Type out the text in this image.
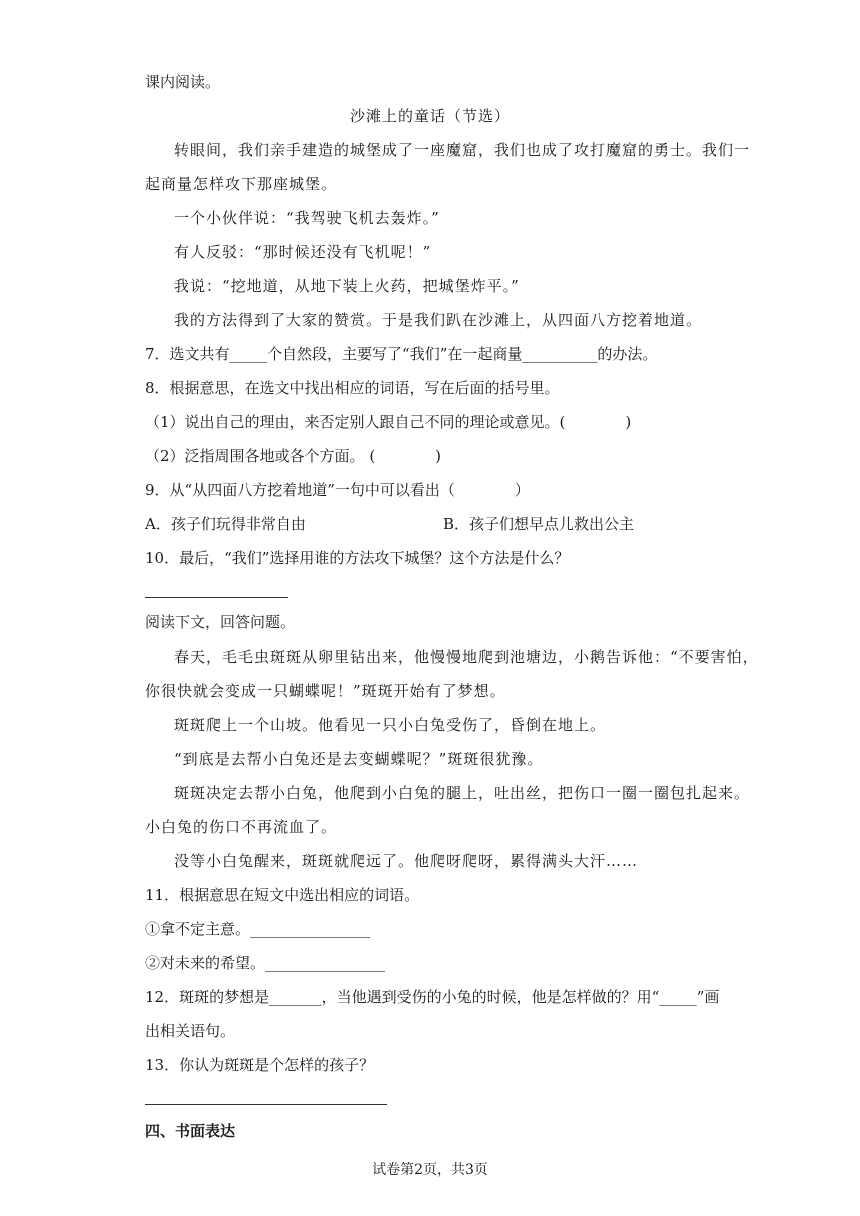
课内阅读。
沙滩上的童话（节选）
转眼间，我们亲手建造的城堡成了一座魔窟，我们也成了攻打魔窟的勇士。我们一
起商量怎样攻下那座城堡。
一个小伙伴说：“我驾驶飞机去轰炸。”
有人反驳：“那时候还没有飞机呢！”
我说：“挖地道，从地下装上火药，把城堡炸平。”
我的方法得到了大家的赞赏。于是我们趴在沙滩上，从四面八方挖着地道。
7．选文共有_____个自然段，主要写了“我们”在一起商量__________的办法。
8．根据意思，在选文中找出相应的词语，写在后面的括号里。
（1）说出自己的理由，来否定别人跟自己不同的理论或意见。(　　　　)
（2）泛指周围各地或各个方面。 (　　　　)
9．从“从四面八方挖着地道”一句中可以看出（　　　　）
A．孩子们玩得非常自由	B．孩子们想早点儿救出公主
10．最后，“我们”选择用谁的方法攻下城堡？这个方法是什么？
阅读下文，回答问题。
春天，毛毛虫斑斑从卵里钻出来，他慢慢地爬到池塘边，小鹅告诉他：“不要害怕，
你很快就会变成一只蝴蝶呢！”斑斑开始有了梦想。
斑斑爬上一个山坡。他看见一只小白兔受伤了，昏倒在地上。
“到底是去帮小白兔还是去变蝴蝶呢？”斑斑很犹豫。
斑斑决定去帮小白兔，他爬到小白兔的腿上，吐出丝，把伤口一圈一圈包扎起来。
小白兔的伤口不再流血了。
没等小白兔醒来，斑斑就爬远了。他爬呀爬呀，累得满头大汗……
11．根据意思在短文中选出相应的词语。
①拿不定主意。________________
②对未来的希望。________________
12．斑斑的梦想是_______，当他遇到受伤的小兔的时候，他是怎样做的？用“_____”画
出相关语句。
13．你认为斑斑是个怎样的孩子？
四、书面表达
试卷第2页，共3页
